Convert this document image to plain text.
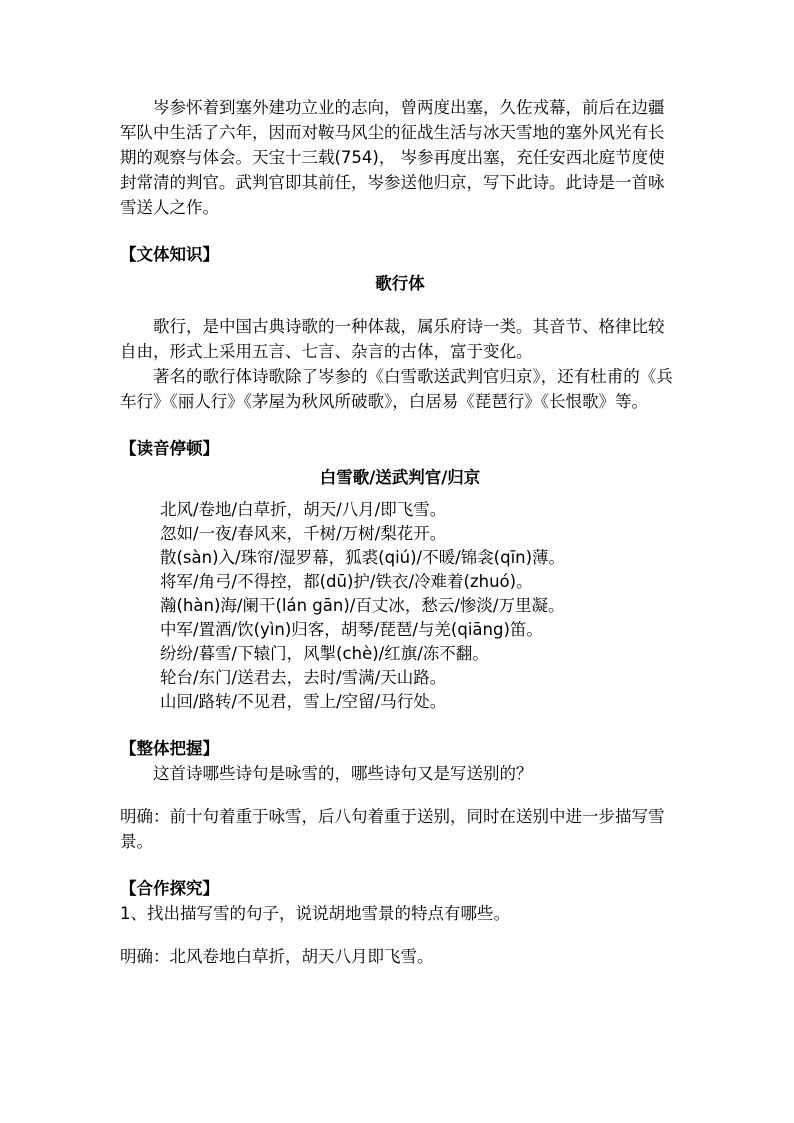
岑参怀着到塞外建功立业的志向，曾两度出塞，久佐戎幕，前后在边疆军队中生活了六年，因而对鞍马风尘的征战生活与冰天雪地的塞外风光有长期的观察与体会。天宝十三载(754)， 岑参再度出塞，充任安西北庭节度使封常清的判官。武判官即其前任，岑参送他归京，写下此诗。此诗是一首咏雪送人之作。

【文体知识】

歌行体

歌行，是中国古典诗歌的一种体裁，属乐府诗一类。其音节、格律比较自由，形式上采用五言、七言、杂言的古体，富于变化。

著名的歌行体诗歌除了岑参的《白雪歌送武判官归京》，还有杜甫的《兵车行》《丽人行》《茅屋为秋风所破歌》，白居易《琵琶行》《长恨歌》等。

【读音停顿】

白雪歌/送武判官/归京

北风/卷地/白草折，胡天/八月/即飞雪。

忽如/一夜/春风来，千树/万树/梨花开。

散(sàn)入/珠帘/湿罗幕，狐裘(qiú)/不暖/锦衾(qīn)薄。

将军/角弓/不得控，都(dū)护/铁衣/冷难着(zhuó)。

瀚(hàn)海/阑干(lán gān)/百丈冰，愁云/惨淡/万里凝。

中军/置酒/饮(yìn)归客，胡琴/琵琶/与羌(qiāng)笛。

纷纷/暮雪/下辕门，风掣(chè)/红旗/冻不翻。

轮台/东门/送君去，去时/雪满/天山路。

山回/路转/不见君，雪上/空留/马行处。

【整体把握】

这首诗哪些诗句是咏雪的，哪些诗句又是写送别的？

明确：前十句着重于咏雪，后八句着重于送别，同时在送别中进一步描写雪景。

【合作探究】

1、找出描写雪的句子，说说胡地雪景的特点有哪些。

明确：北风卷地白草折，胡天八月即飞雪。
